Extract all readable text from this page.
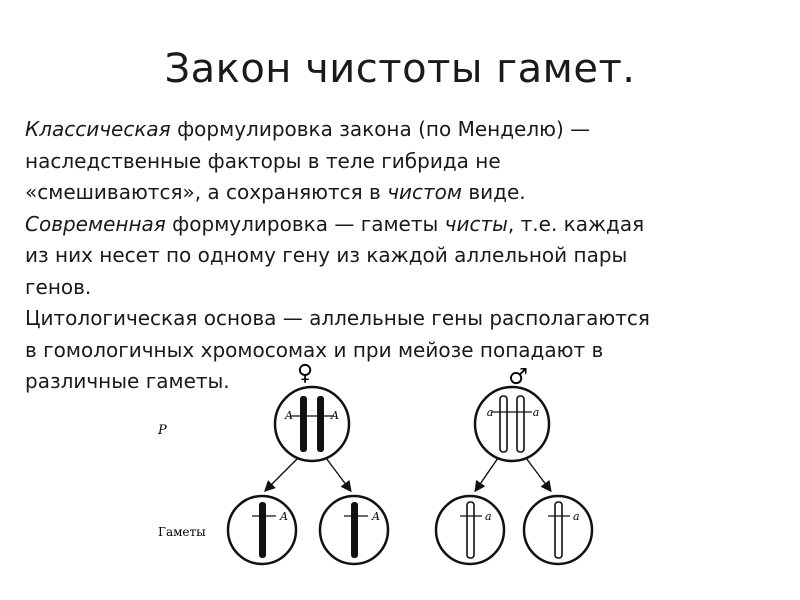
Закон чистоты гамет.

Классическая формулировка закона (по Менделю) —
наследственные факторы в теле гибрида не
«смешиваются», а сохраняются в чистом виде.

Современная формулировка — гаметы чисты, т.е. каждая
из них несет по одному гену из каждой аллельной пары
генов.

Цитологическая основа — аллельные гены располагаются
в гомологичных хромосомах и при мейозе попадают в
различные гаметы.

P
Гаметы
♀
A	A
♂
a	a
A	A	a	a
